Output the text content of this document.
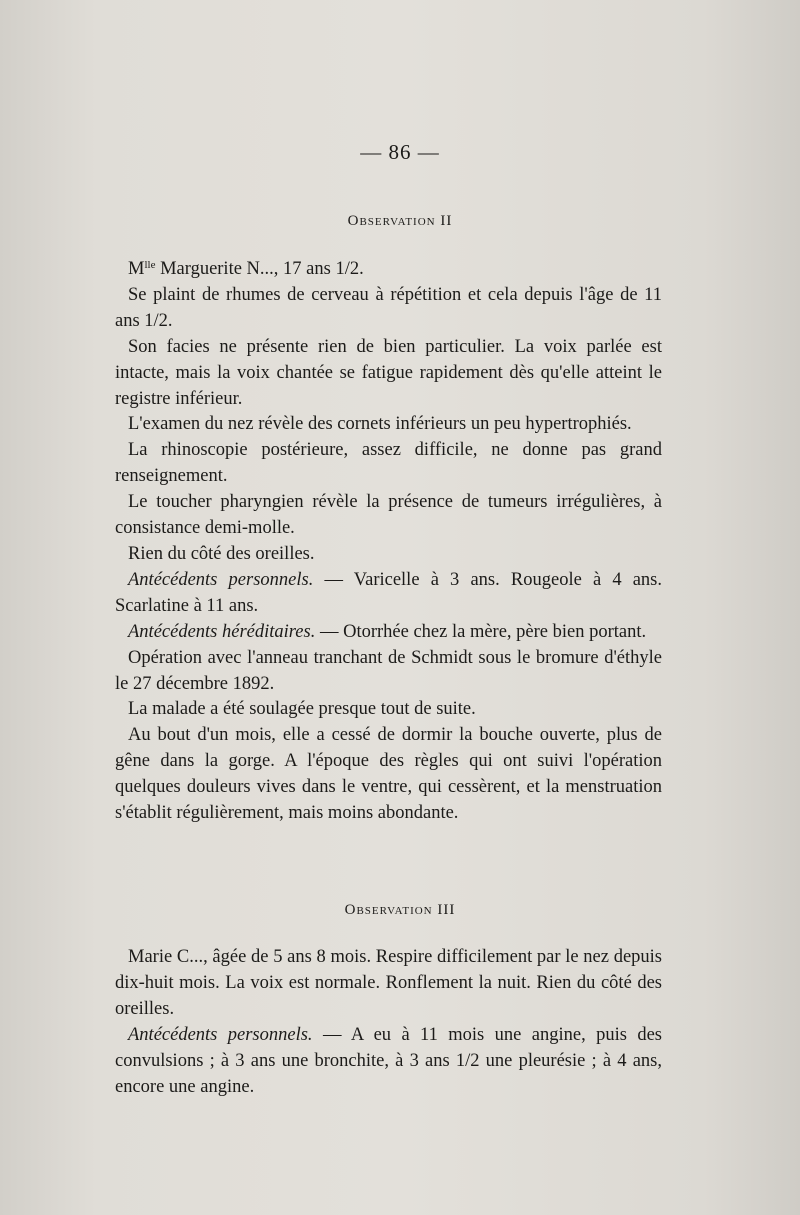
— 86 —
Observation II

$M^{lle}$ Marguerite N..., 17 ans 1/2.

Se plaint de rhumes de cerveau à répétition et cela depuis l'âge de 11 ans 1/2.

Son facies ne présente rien de bien particulier. La voix parlée est intacte, mais la voix chantée se fatigue rapidement dès qu'elle atteint le registre inférieur.

L'examen du nez révèle des cornets inférieurs un peu hypertrophiés.

La rhinoscopie postérieure, assez difficile, ne donne pas grand renseignement.

Le toucher pharyngien révèle la présence de tumeurs irrégulières, à consistance demi-molle.

Rien du côté des oreilles.

Antécédents personnels. — Varicelle à 3 ans. Rougeole à 4 ans. Scarlatine à 11 ans.

Antécédents héréditaires. — Otorrhée chez la mère, père bien portant.

Opération avec l'anneau tranchant de Schmidt sous le bromure d'éthyle le 27 décembre 1892.

La malade a été soulagée presque tout de suite.

Au bout d'un mois, elle a cessé de dormir la bouche ouverte, plus de gêne dans la gorge. A l'époque des règles qui ont suivi l'opération quelques douleurs vives dans le ventre, qui cessèrent, et la menstruation s'établit régulièrement, mais moins abondante.

Observation III

Marie C..., âgée de 5 ans 8 mois. Respire difficilement par le nez depuis dix-huit mois. La voix est normale. Ronflement la nuit. Rien du côté des oreilles.

Antécédents personnels. — A eu à 11 mois une angine, puis des convulsions ; à 3 ans une bronchite, à 3 ans 1/2 une pleurésie ; à 4 ans, encore une angine.
